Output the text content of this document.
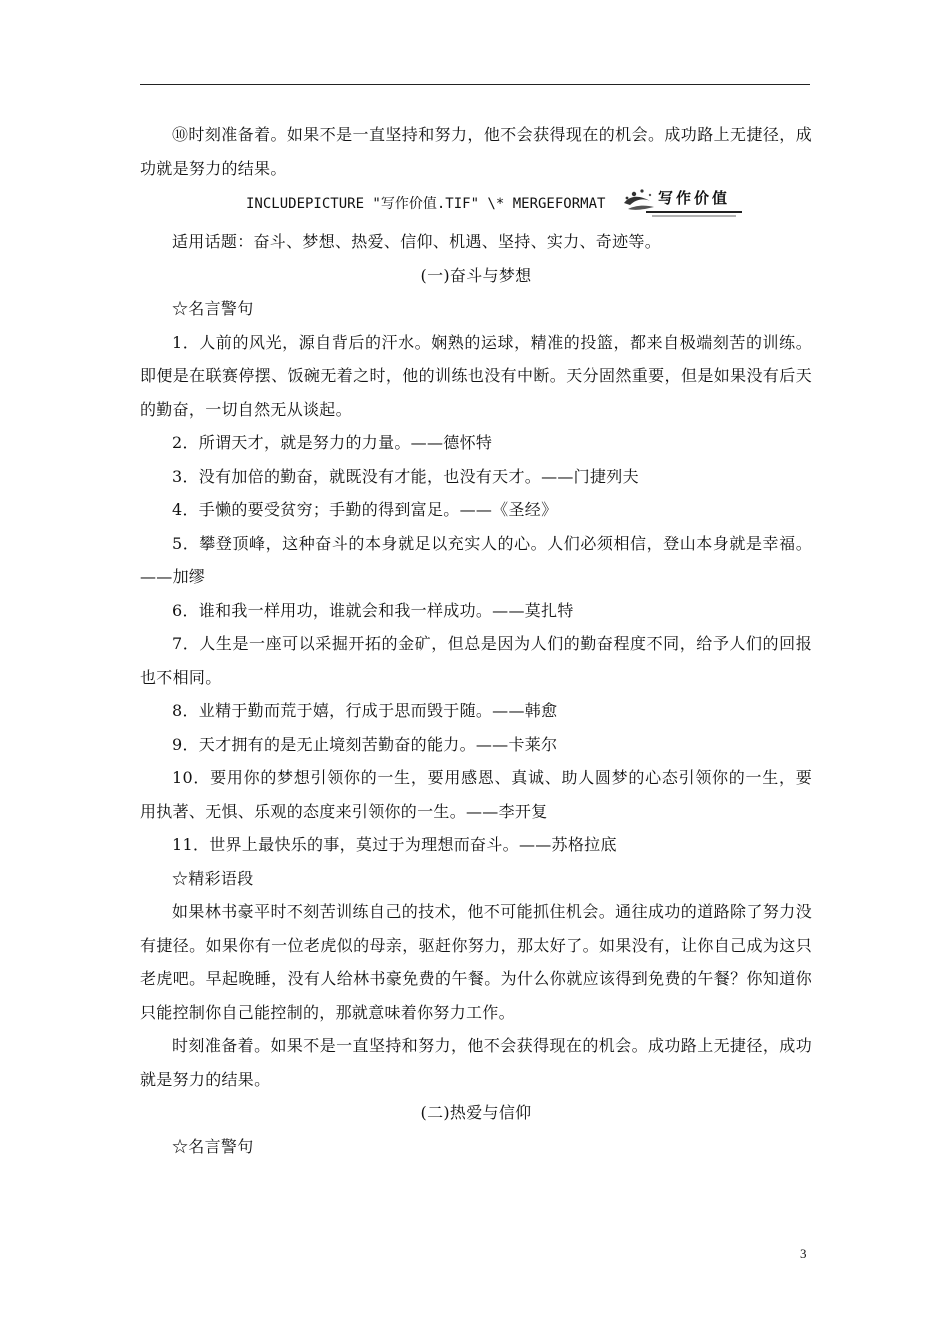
⑩时刻准备着。如果不是一直坚持和努力，他不会获得现在的机会。成功路上无捷径，成功就是努力的结果。

INCLUDEPICTURE "写作价值.TIF" \* MERGEFORMAT	写作价值

适用话题：奋斗、梦想、热爱、信仰、机遇、坚持、实力、奇迹等。

(一)奋斗与梦想

☆名言警句

1．人前的风光，源自背后的汗水。娴熟的运球，精准的投篮，都来自极端刻苦的训练。即便是在联赛停摆、饭碗无着之时，他的训练也没有中断。天分固然重要，但是如果没有后天的勤奋，一切自然无从谈起。

2．所谓天才，就是努力的力量。——德怀特

3．没有加倍的勤奋，就既没有才能，也没有天才。——门捷列夫

4．手懒的要受贫穷；手勤的得到富足。——《圣经》

5．攀登顶峰，这种奋斗的本身就足以充实人的心。人们必须相信，登山本身就是幸福。——加缪

6．谁和我一样用功，谁就会和我一样成功。——莫扎特

7．人生是一座可以采掘开拓的金矿，但总是因为人们的勤奋程度不同，给予人们的回报也不相同。

8．业精于勤而荒于嬉，行成于思而毁于随。——韩愈

9．天才拥有的是无止境刻苦勤奋的能力。——卡莱尔

10．要用你的梦想引领你的一生，要用感恩、真诚、助人圆梦的心态引领你的一生，要用执著、无惧、乐观的态度来引领你的一生。——李开复

11．世界上最快乐的事，莫过于为理想而奋斗。——苏格拉底

☆精彩语段

如果林书豪平时不刻苦训练自己的技术，他不可能抓住机会。通往成功的道路除了努力没有捷径。如果你有一位老虎似的母亲，驱赶你努力，那太好了。如果没有，让你自己成为这只老虎吧。早起晚睡，没有人给林书豪免费的午餐。为什么你就应该得到免费的午餐？你知道你只能控制你自己能控制的，那就意味着你努力工作。

时刻准备着。如果不是一直坚持和努力，他不会获得现在的机会。成功路上无捷径，成功就是努力的结果。

(二)热爱与信仰

☆名言警句

3
